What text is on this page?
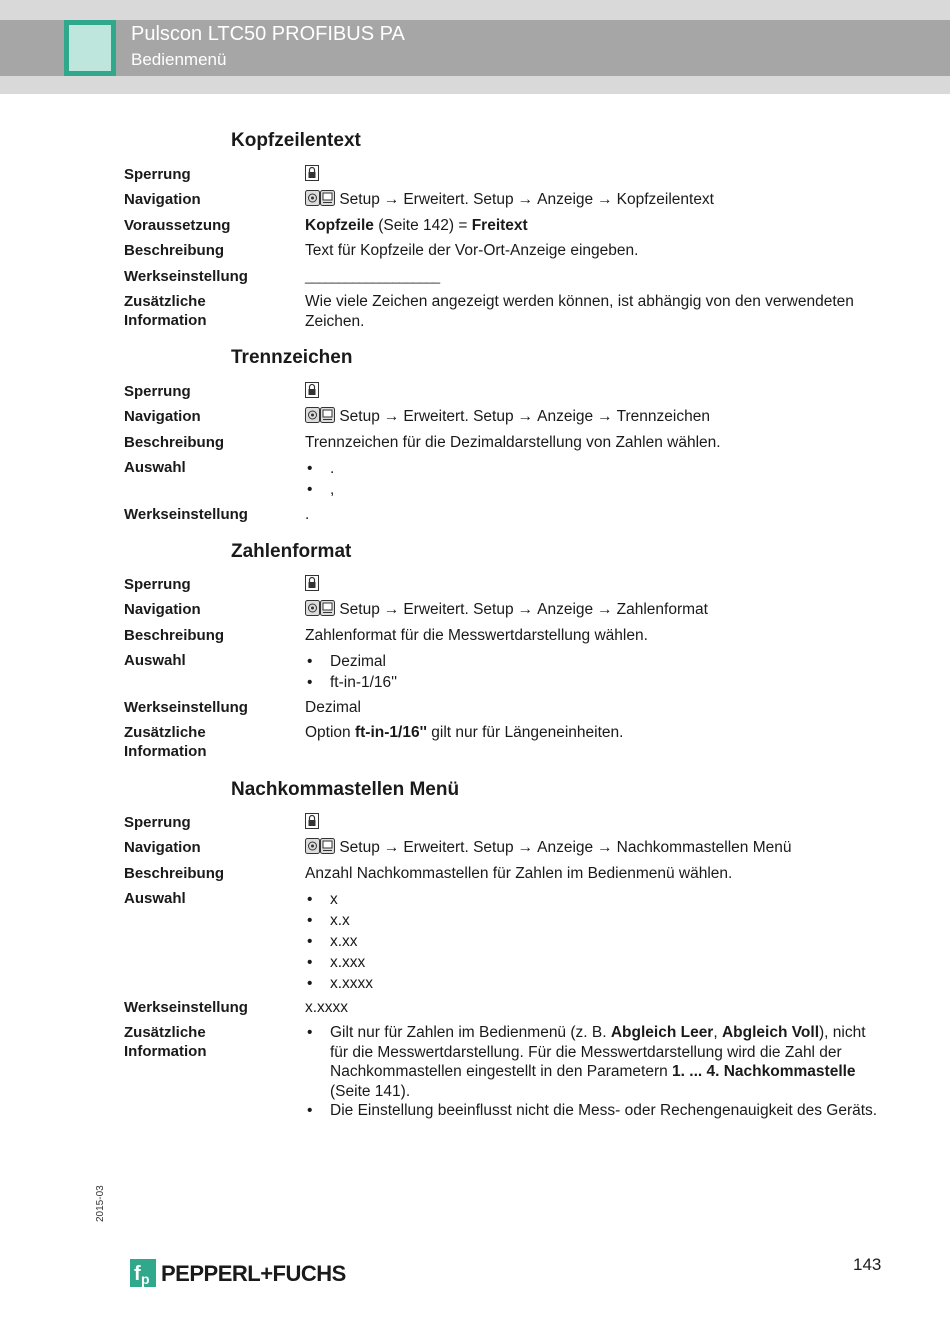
Pulscon LTC50 PROFIBUS PA
Bedienmenü
Kopfzeilentext
Sperrung
Navigation	Setup → Erweitert. Setup → Anzeige → Kopfzeilentext
Voraussetzung	Kopfzeile (Seite 142) = Freitext
Beschreibung	Text für Kopfzeile der Vor-Ort-Anzeige eingeben.
Werkseinstellung	____________________
Zusätzliche
Information
Wie viele Zeichen angezeigt werden können, ist abhängig von den verwendeten Zeichen.
Trennzeichen
Sperrung
Navigation	Setup → Erweitert. Setup → Anzeige → Trennzeichen
Beschreibung	Trennzeichen für die Dezimaldarstellung von Zahlen wählen.
Auswahl	• .
• ,
Werkseinstellung	.
Zahlenformat
Sperrung
Navigation	Setup → Erweitert. Setup → Anzeige → Zahlenformat
Beschreibung	Zahlenformat für die Messwertdarstellung wählen.
Auswahl	• Dezimal
• ft-in-1/16''
Werkseinstellung	Dezimal
Zusätzliche
Information
Option ft-in-1/16'' gilt nur für Längeneinheiten.
Nachkommastellen Menü
Sperrung
Navigation	Setup → Erweitert. Setup → Anzeige → Nachkommastellen Menü
Beschreibung	Anzahl Nachkommastellen für Zahlen im Bedienmenü wählen.
Auswahl	• x
• x.x
• x.xx
• x.xxx
• x.xxxx
Werkseinstellung	x.xxxx
Zusätzliche
Information
• Gilt nur für Zahlen im Bedienmenü (z. B. Abgleich Leer, Abgleich Voll), nicht für die Messwertdarstellung. Für die Messwertdarstellung wird die Zahl der Nachkommastellen eingestellt in den Parametern 1. ... 4. Nachkommastelle (Seite 141).
• Die Einstellung beeinflusst nicht die Mess- oder Rechengenauigkeit des Geräts.
2015-03
f p PEPPERL+FUCHS	143
